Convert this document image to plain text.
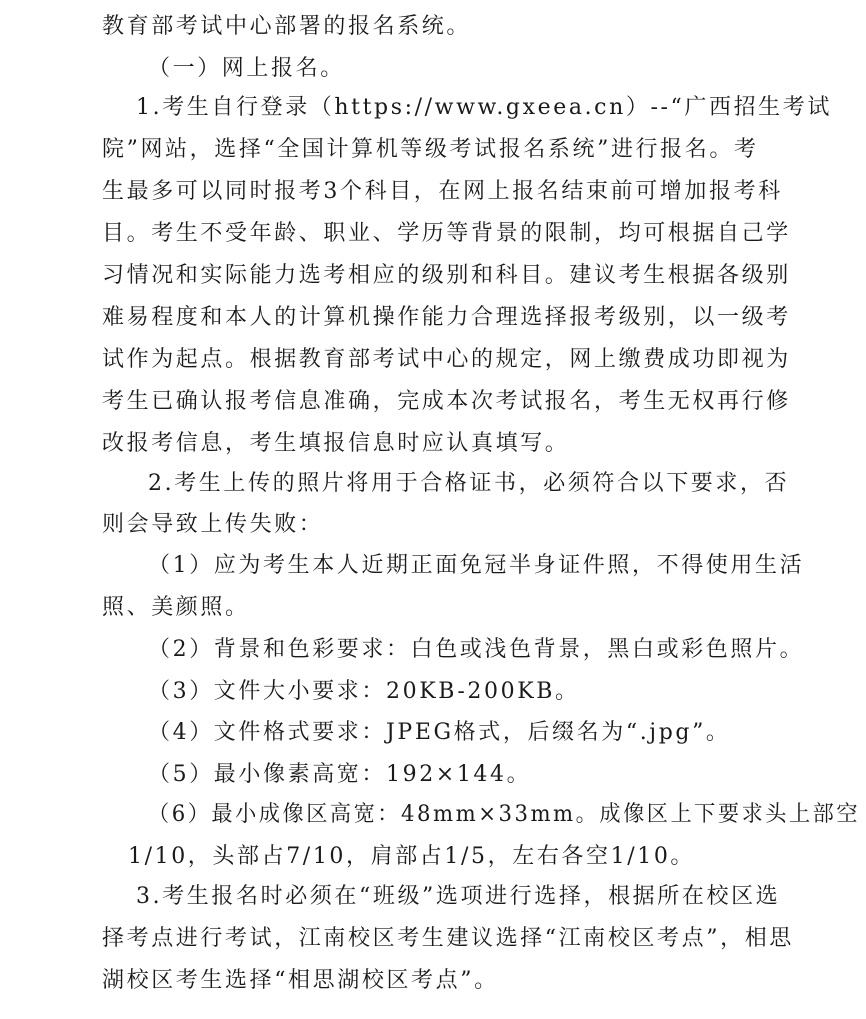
教育部考试中心部署的报名系统。
（一）网上报名。
1.考生自行登录（https://www.gxeea.cn）--“广西招生考试
院”网站，选择“全国计算机等级考试报名系统”进行报名。考
生最多可以同时报考3个科目，在网上报名结束前可增加报考科
目。考生不受年龄、职业、学历等背景的限制，均可根据自己学
习情况和实际能力选考相应的级别和科目。建议考生根据各级别
难易程度和本人的计算机操作能力合理选择报考级别，以一级考
试作为起点。根据教育部考试中心的规定，网上缴费成功即视为
考生已确认报考信息准确，完成本次考试报名，考生无权再行修
改报考信息，考生填报信息时应认真填写。
2.考生上传的照片将用于合格证书，必须符合以下要求，否
则会导致上传失败：
（1）应为考生本人近期正面免冠半身证件照，不得使用生活
照、美颜照。
（2）背景和色彩要求：白色或浅色背景，黑白或彩色照片。
（3）文件大小要求：20KB-200KB。
（4）文件格式要求：JPEG格式，后缀名为“.jpg”。
（5）最小像素高宽：192×144。
（6）最小成像区高宽：48mm×33mm。成像区上下要求头上部空
1/10，头部占7/10，肩部占1/5，左右各空1/10。
3.考生报名时必须在“班级”选项进行选择，根据所在校区选
择考点进行考试，江南校区考生建议选择“江南校区考点”，相思
湖校区考生选择“相思湖校区考点”。
